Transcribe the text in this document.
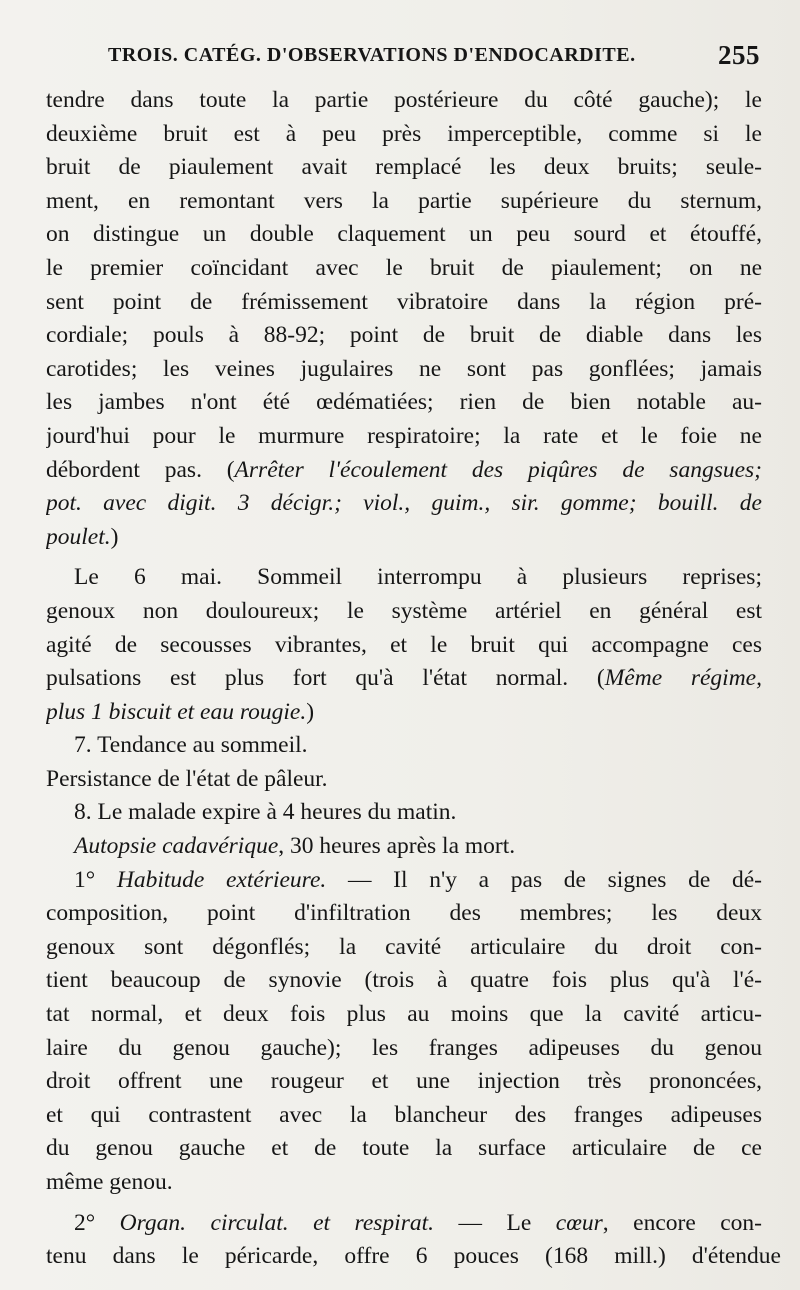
TROIS. CATÉG. D'OBSERVATIONS D'ENDOCARDITE.	255
tendre dans toute la partie postérieure du côté gauche); le
deuxième bruit est à peu près imperceptible, comme si le
bruit de piaulement avait remplacé les deux bruits; seule-
ment, en remontant vers la partie supérieure du sternum,
on distingue un double claquement un peu sourd et étouffé,
le premier coïncidant avec le bruit de piaulement; on ne
sent point de frémissement vibratoire dans la région pré-
cordiale; pouls à 88-92; point de bruit de diable dans les
carotides; les veines jugulaires ne sont pas gonflées; jamais
les jambes n'ont été œdématiées; rien de bien notable au-
jourd'hui pour le murmure respiratoire; la rate et le foie ne
débordent pas. (Arrêter l'écoulement des piqûres de sangsues;
pot. avec digit. 3 décigr.; viol., guim., sir. gomme; bouill. de
poulet.)
Le 6 mai. Sommeil interrompu à plusieurs reprises;
genoux non douloureux; le système artériel en général est
agité de secousses vibrantes, et le bruit qui accompagne ces
pulsations est plus fort qu'à l'état normal. (Même régime,
plus 1 biscuit et eau rougie.)
7. Tendance au sommeil.
Persistance de l'état de pâleur.
8. Le malade expire à 4 heures du matin.
Autopsie cadavérique, 30 heures après la mort.
1° Habitude extérieure. — Il n'y a pas de signes de dé-
composition, point d'infiltration des membres; les deux
genoux sont dégonflés; la cavité articulaire du droit con-
tient beaucoup de synovie (trois à quatre fois plus qu'à l'é-
tat normal, et deux fois plus au moins que la cavité articu-
laire du genou gauche); les franges adipeuses du genou
droit offrent une rougeur et une injection très prononcées,
et qui contrastent avec la blancheur des franges adipeuses
du genou gauche et de toute la surface articulaire de ce
même genou.
2° Organ. circulat. et respirat. — Le cœur, encore con-
tenu dans le péricarde, offre 6 pouces (168 mill.) d'étendue
